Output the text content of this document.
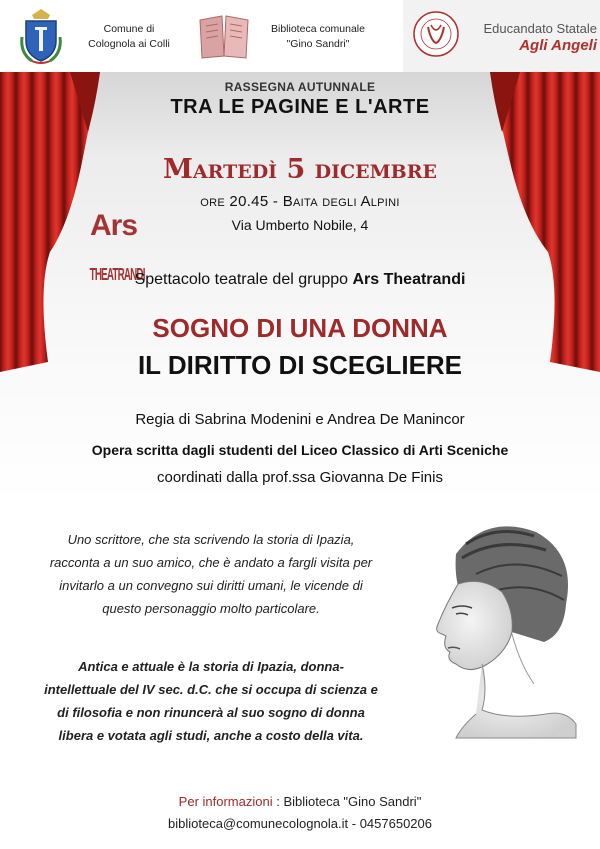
Comune di
Colognola ai Colli
Biblioteca comunale
"Gino Sandri"
Educandato Statale
Agli Angeli
RASSEGNA AUTUNNALE
TRA LE PAGINE E L'ARTE
Martedì 5 dicembre
ore 20.45 - Baita degli Alpini
Via Umberto Nobile, 4
Ars
THEATRANDI
Spettacolo teatrale del gruppo Ars Theatrandi
SOGNO DI UNA DONNA
IL DIRITTO DI SCEGLIERE
Regia di Sabrina Modenini e Andrea De Manincor
Opera scritta dagli studenti del Liceo Classico di Arti Sceniche
coordinati dalla prof.ssa Giovanna De Finis
Uno scrittore, che sta scrivendo la storia di Ipazia,
racconta a un suo amico, che è andato a fargli visita per
invitarlo a un convegno sui diritti umani, le vicende di
questo personaggio molto particolare.
Antica e attuale è la storia di Ipazia, donna-
intellettuale del IV sec. d.C. che si occupa di scienza e
di filosofia e non rinuncerà al suo sogno di donna
libera e votata agli studi, anche a costo della vita.
Per informazioni : Biblioteca "Gino Sandri"
biblioteca@comunecolognola.it - 0457650206
